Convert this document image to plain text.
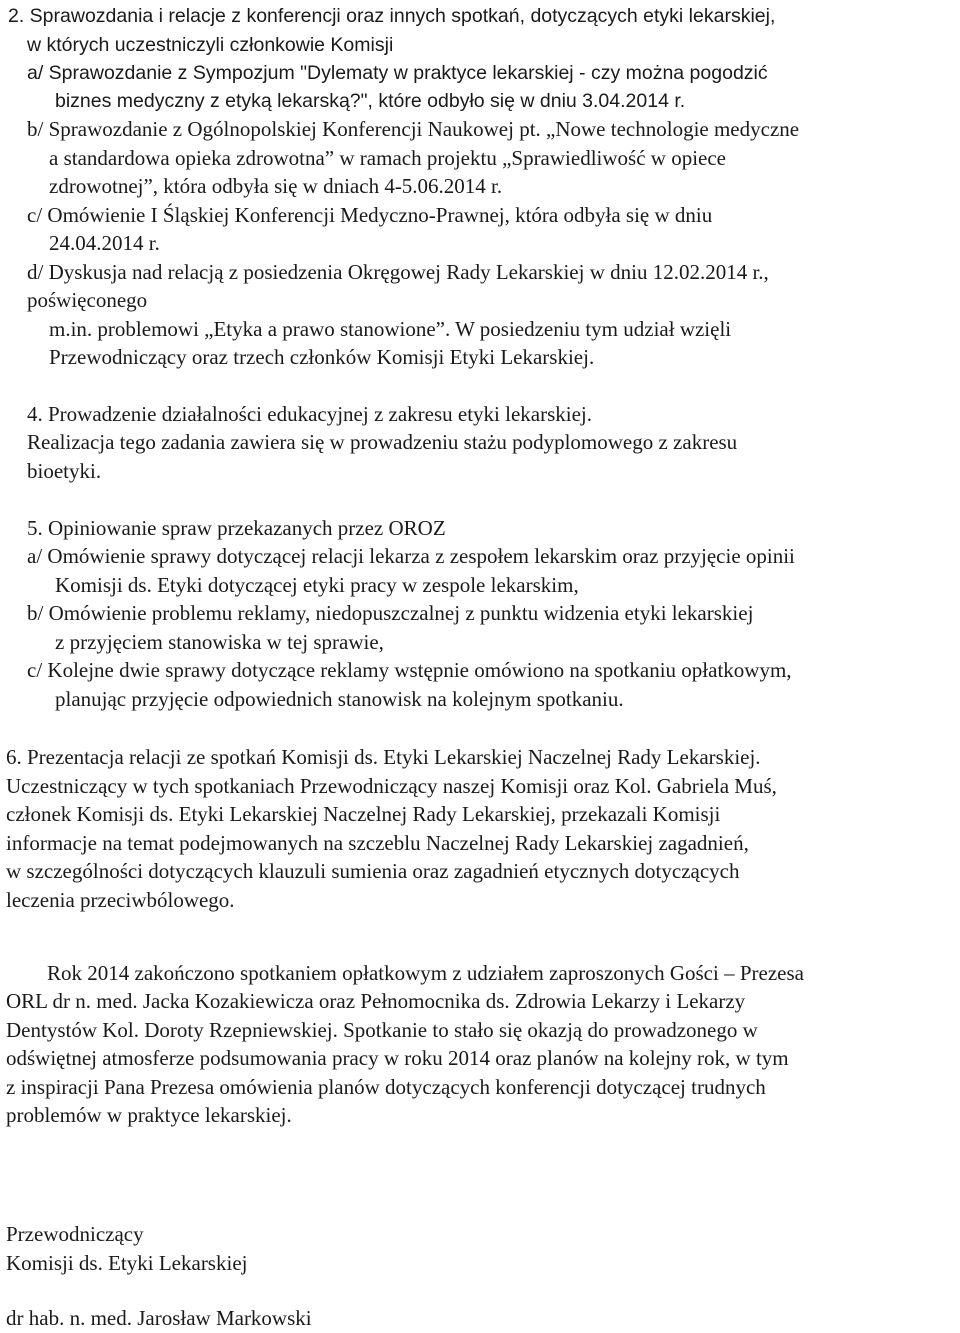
2. Sprawozdania i relacje z konferencji oraz innych spotkań, dotyczących etyki lekarskiej,
w których uczestniczyli członkowie Komisji
a/ Sprawozdanie z Sympozjum "Dylematy w praktyce lekarskiej - czy można pogodzić
biznes medyczny z etyką lekarską?", które odbyło się w dniu 3.04.2014 r.
b/ Sprawozdanie z Ogólnopolskiej Konferencji Naukowej pt. „Nowe technologie medyczne
a standardowa opieka zdrowotna” w ramach projektu „Sprawiedliwość w opiece
zdrowotnej”, która odbyła się w dniach 4-5.06.2014 r.
c/ Omówienie I Śląskiej Konferencji Medyczno-Prawnej, która odbyła się w dniu
24.04.2014 r.
d/ Dyskusja nad relacją z posiedzenia Okręgowej Rady Lekarskiej w dniu 12.02.2014 r.,
poświęconego
m.in. problemowi „Etyka a prawo stanowione”. W posiedzeniu tym udział wzięli
Przewodniczący oraz trzech członków Komisji Etyki Lekarskiej.
4. Prowadzenie działalności edukacyjnej z zakresu etyki lekarskiej.
Realizacja tego zadania zawiera się w prowadzeniu stażu podyplomowego z zakresu
bioetyki.
5. Opiniowanie spraw przekazanych przez OROZ
a/ Omówienie sprawy dotyczącej relacji lekarza z zespołem lekarskim oraz przyjęcie opinii
Komisji ds. Etyki dotyczącej etyki pracy w zespole lekarskim,
b/ Omówienie problemu reklamy, niedopuszczalnej z punktu widzenia etyki lekarskiej
z przyjęciem stanowiska w tej sprawie,
c/ Kolejne dwie sprawy dotyczące reklamy wstępnie omówiono na spotkaniu opłatkowym,
planując przyjęcie odpowiednich stanowisk na kolejnym spotkaniu.
6. Prezentacja relacji ze spotkań Komisji ds. Etyki Lekarskiej Naczelnej Rady Lekarskiej.
Uczestniczący w tych spotkaniach Przewodniczący naszej Komisji oraz Kol. Gabriela Muś,
członek Komisji ds. Etyki Lekarskiej Naczelnej Rady Lekarskiej, przekazali Komisji
informacje na temat podejmowanych na szczeblu Naczelnej Rady Lekarskiej zagadnień,
w szczególności dotyczących klauzuli sumienia oraz zagadnień etycznych dotyczących
leczenia przeciwbólowego.
Rok 2014 zakończono spotkaniem opłatkowym z udziałem zaproszonych Gości – Prezesa
ORL dr n. med. Jacka Kozakiewicza oraz Pełnomocnika ds. Zdrowia Lekarzy i Lekarzy
Dentystów Kol. Doroty Rzepniewskiej. Spotkanie to stało się okazją do prowadzonego w
odświętnej atmosferze podsumowania pracy w roku 2014 oraz planów na kolejny rok, w tym
z inspiracji Pana Prezesa omówienia planów dotyczących konferencji dotyczącej trudnych
problemów w praktyce lekarskiej.
Przewodniczący
Komisji ds. Etyki Lekarskiej
dr hab. n. med. Jarosław Markowski
